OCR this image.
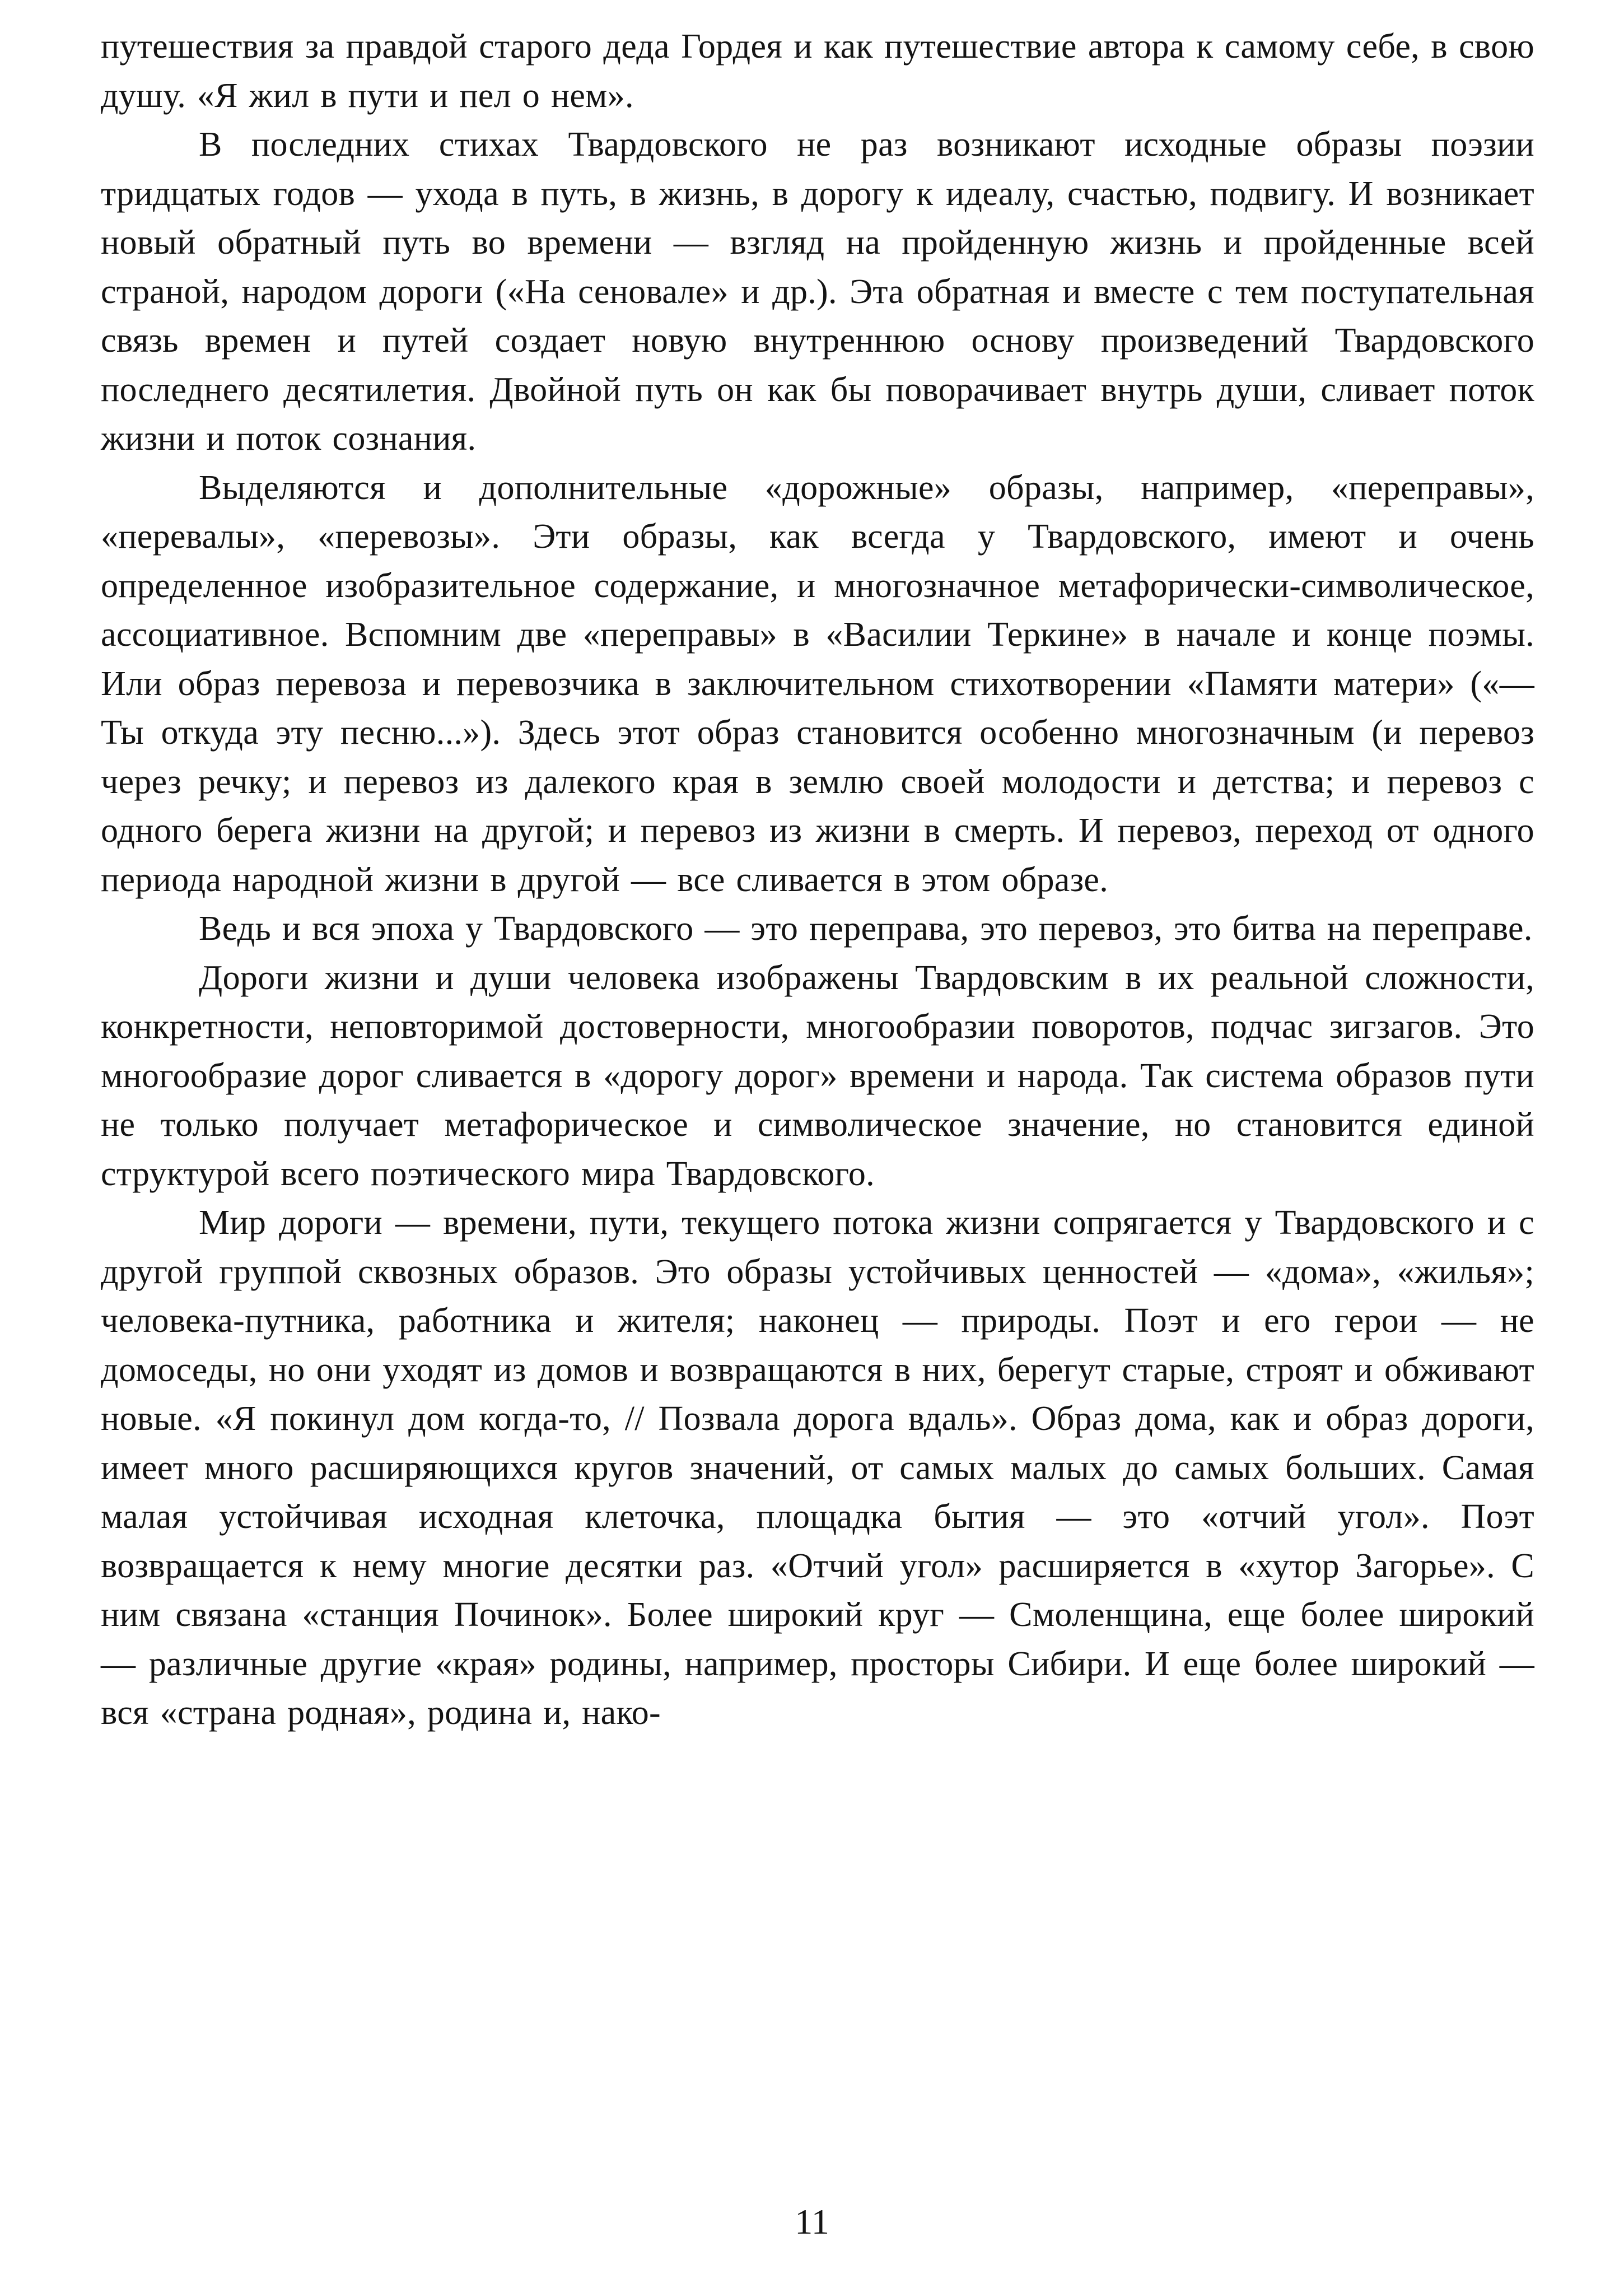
путешествия за правдой старого деда Гордея и как путешествие автора к самому себе, в свою душу. «Я жил в пути и пел о нем».

В последних стихах Твардовского не раз возникают исходные образы поэзии тридцатых годов — ухода в путь, в жизнь, в дорогу к идеалу, счастью, подвигу. И возникает новый обратный путь во времени — взгляд на пройденную жизнь и пройденные всей страной, народом дороги («На сеновале» и др.). Эта обратная и вместе с тем поступательная связь времен и путей создает новую внутреннюю основу произведений Твардовского последнего десятилетия. Двойной путь он как бы поворачивает внутрь души, сливает поток жизни и поток сознания.

Выделяются и дополнительные «дорожные» образы, например, «переправы», «перевалы», «перевозы». Эти образы, как всегда у Твардовского, имеют и очень определенное изобразительное содержание, и многозначное метафорически-символическое, ассоциативное. Вспомним две «переправы» в «Василии Теркине» в начале и конце поэмы. Или образ перевоза и перевозчика в заключительном стихотворении «Памяти матери» («— Ты откуда эту песню...»). Здесь этот образ становится особенно многозначным (и перевоз через речку; и перевоз из далекого края в землю своей молодости и детства; и перевоз с одного берега жизни на другой; и перевоз из жизни в смерть. И перевоз, переход от одного периода народной жизни в другой — все сливается в этом образе.

Ведь и вся эпоха у Твардовского — это переправа, это перевоз, это битва на переправе.

Дороги жизни и души человека изображены Твардовским в их реальной сложности, конкретности, неповторимой достоверности, многообразии поворотов, подчас зигзагов. Это многообразие дорог сливается в «дорогу дорог» времени и народа. Так система образов пути не только получает метафорическое и символическое значение, но становится единой структурой всего поэтического мира Твардовского.

Мир дороги — времени, пути, текущего потока жизни сопрягается у Твардовского и с другой группой сквозных образов. Это образы устойчивых ценностей — «дома», «жилья»; человека-путника, работника и жителя; наконец — природы. Поэт и его герои — не домоседы, но они уходят из домов и возвращаются в них, берегут старые, строят и обживают новые. «Я покинул дом когда-то, // Позвала дорога вдаль». Образ дома, как и образ дороги, имеет много расширяющихся кругов значений, от самых малых до самых больших. Самая малая устойчивая исходная клеточка, площадка бытия — это «отчий угол». Поэт возвращается к нему многие десятки раз. «Отчий угол» расширяется в «хутор Загорье». С ним связана «станция Починок». Более широкий круг — Смоленщина, еще более широкий — различные другие «края» родины, например, просторы Сибири. И еще более широкий — вся «страна родная», родина и, нако-

11
